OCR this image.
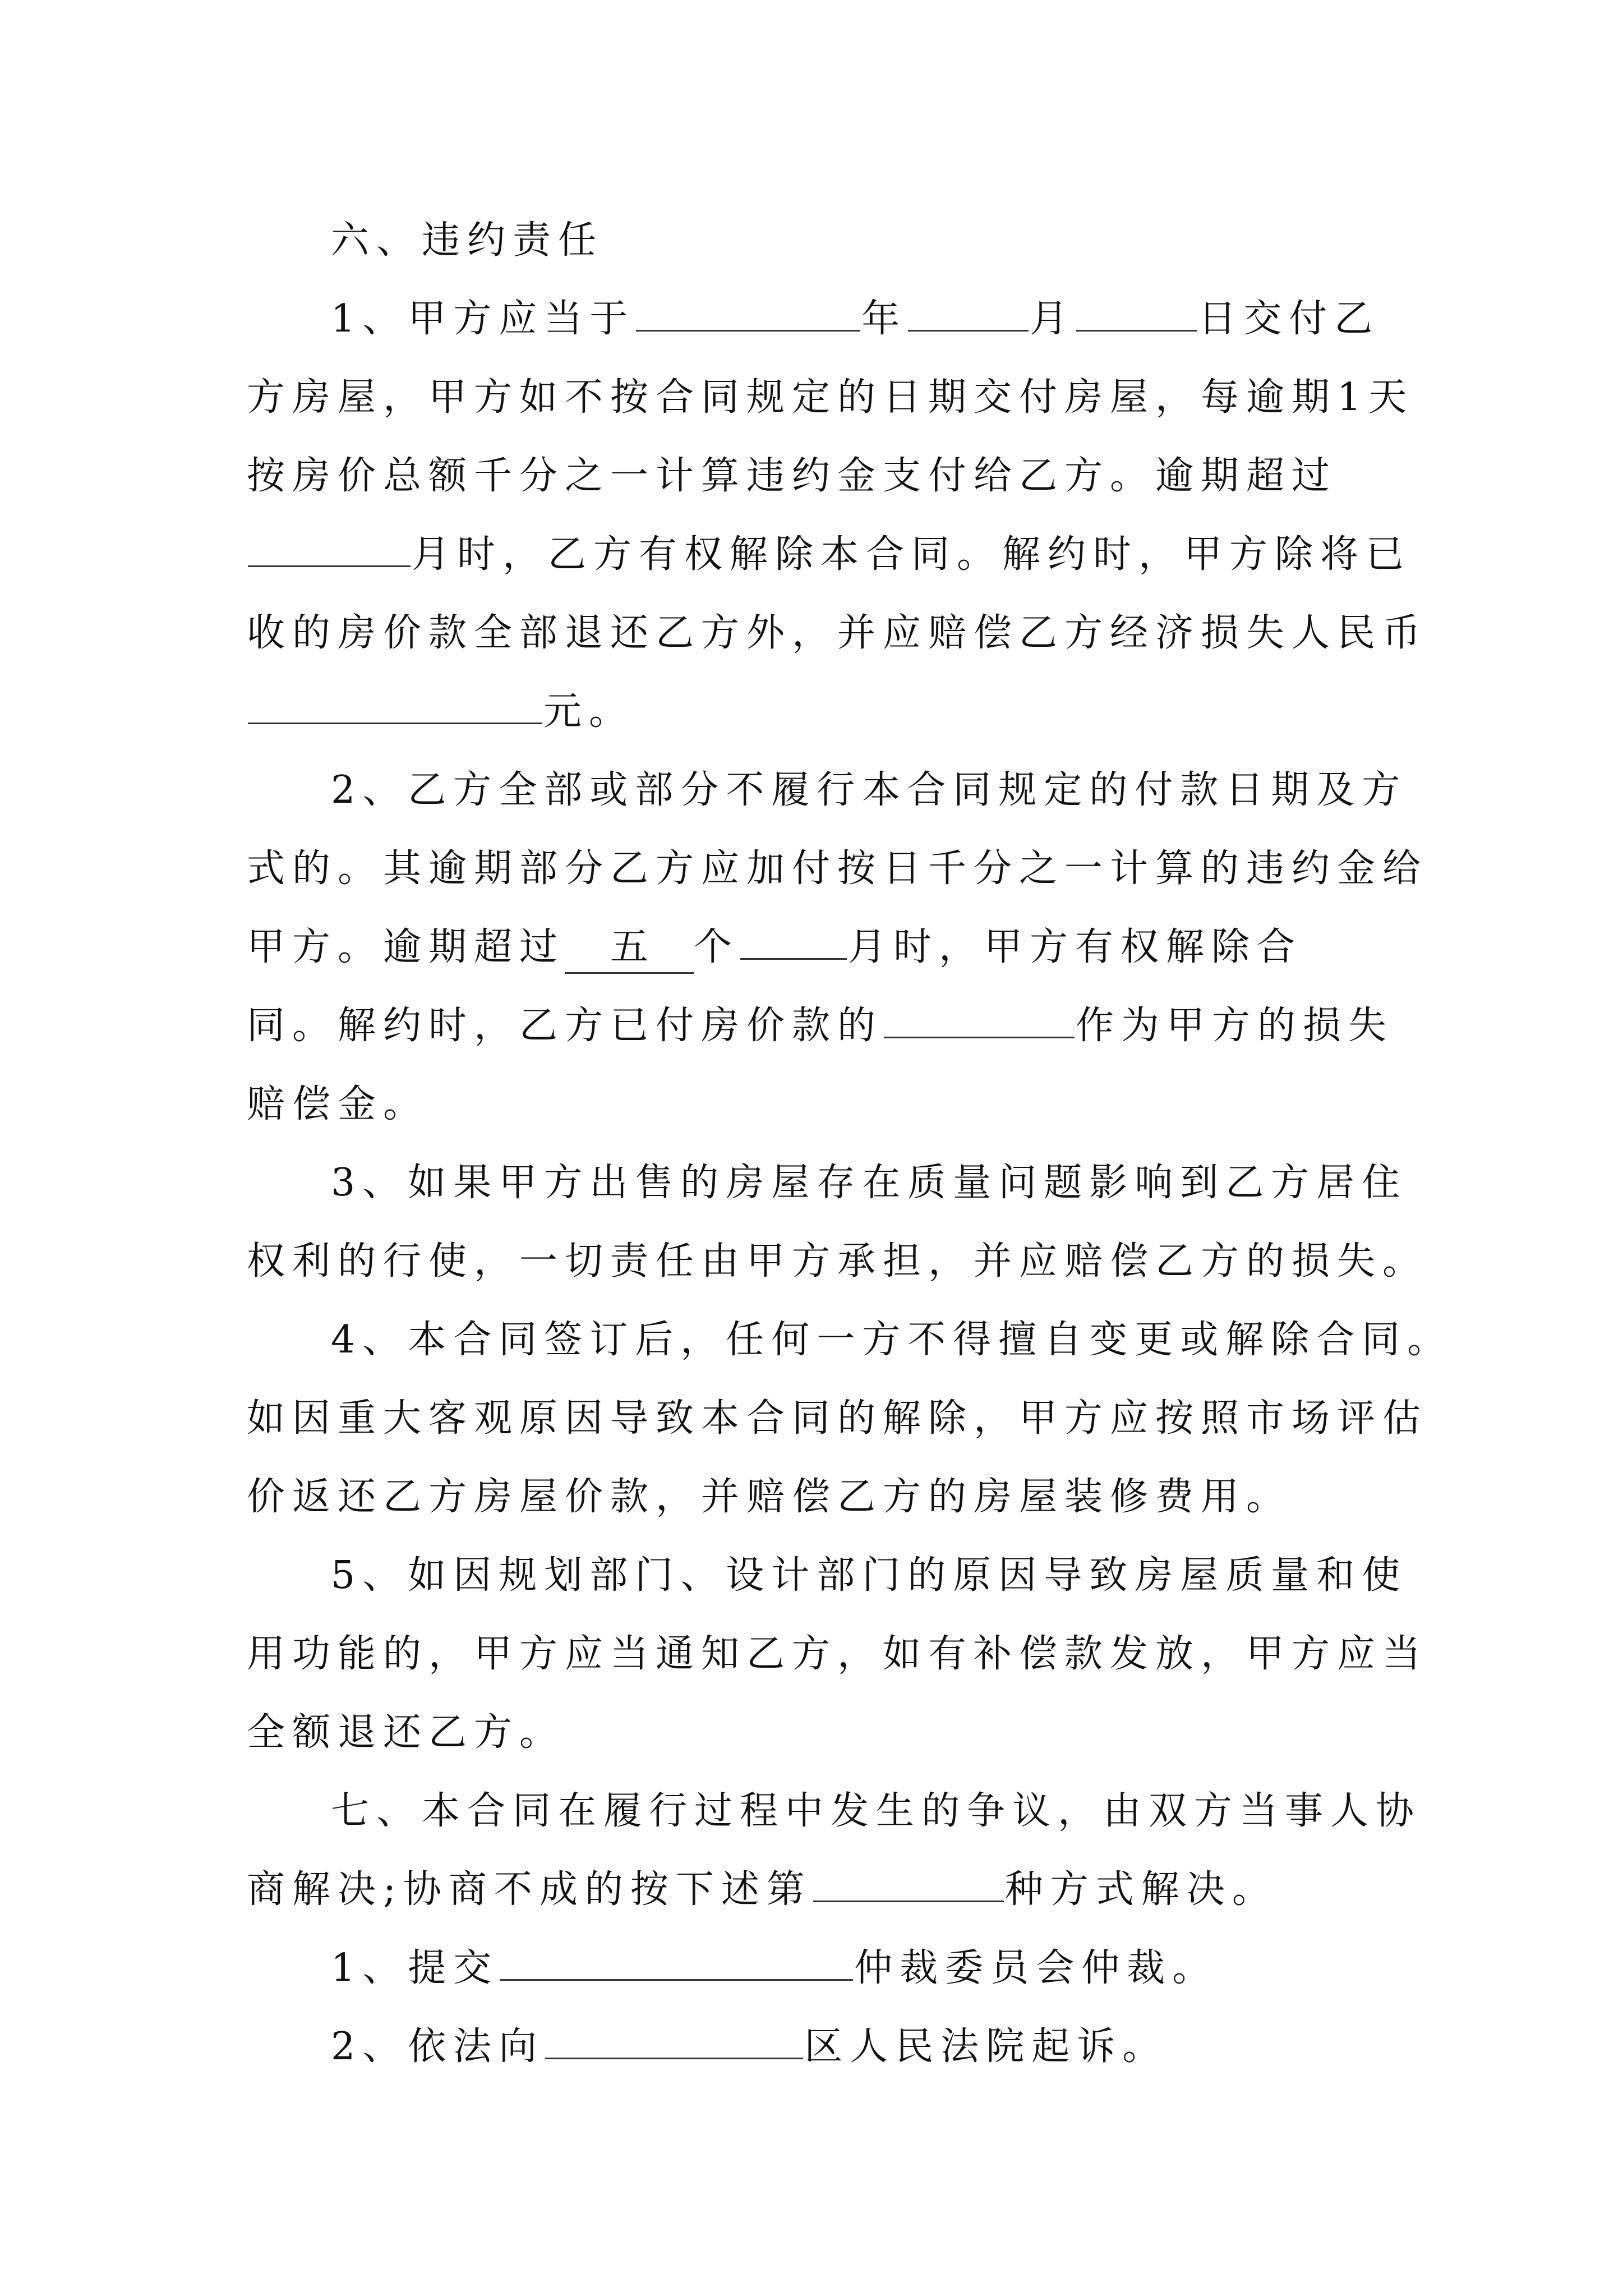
六、违约责任
1、甲方应当于	年	月	日交付乙
方房屋，甲方如不按合同规定的日期交付房屋，每逾期1天
按房价总额千分之一计算违约金支付给乙方。逾期超过
月时，乙方有权解除本合同。解约时，甲方除将已
收的房价款全部退还乙方外，并应赔偿乙方经济损失人民币
元。
2、乙方全部或部分不履行本合同规定的付款日期及方
式的。其逾期部分乙方应加付按日千分之一计算的违约金给
甲方。逾期超过 五 个	月时，甲方有权解除合
同。解约时，乙方已付房价款的	作为甲方的损失
赔偿金。
3、如果甲方出售的房屋存在质量问题影响到乙方居住
权利的行使，一切责任由甲方承担，并应赔偿乙方的损失。
4、本合同签订后，任何一方不得擅自变更或解除合同。
如因重大客观原因导致本合同的解除，甲方应按照市场评估
价返还乙方房屋价款，并赔偿乙方的房屋装修费用。
5、如因规划部门、设计部门的原因导致房屋质量和使
用功能的，甲方应当通知乙方，如有补偿款发放，甲方应当
全额退还乙方。
七、本合同在履行过程中发生的争议，由双方当事人协
商解决;协商不成的按下述第	种方式解决。
1、提交	仲裁委员会仲裁。
2、依法向	区人民法院起诉。
